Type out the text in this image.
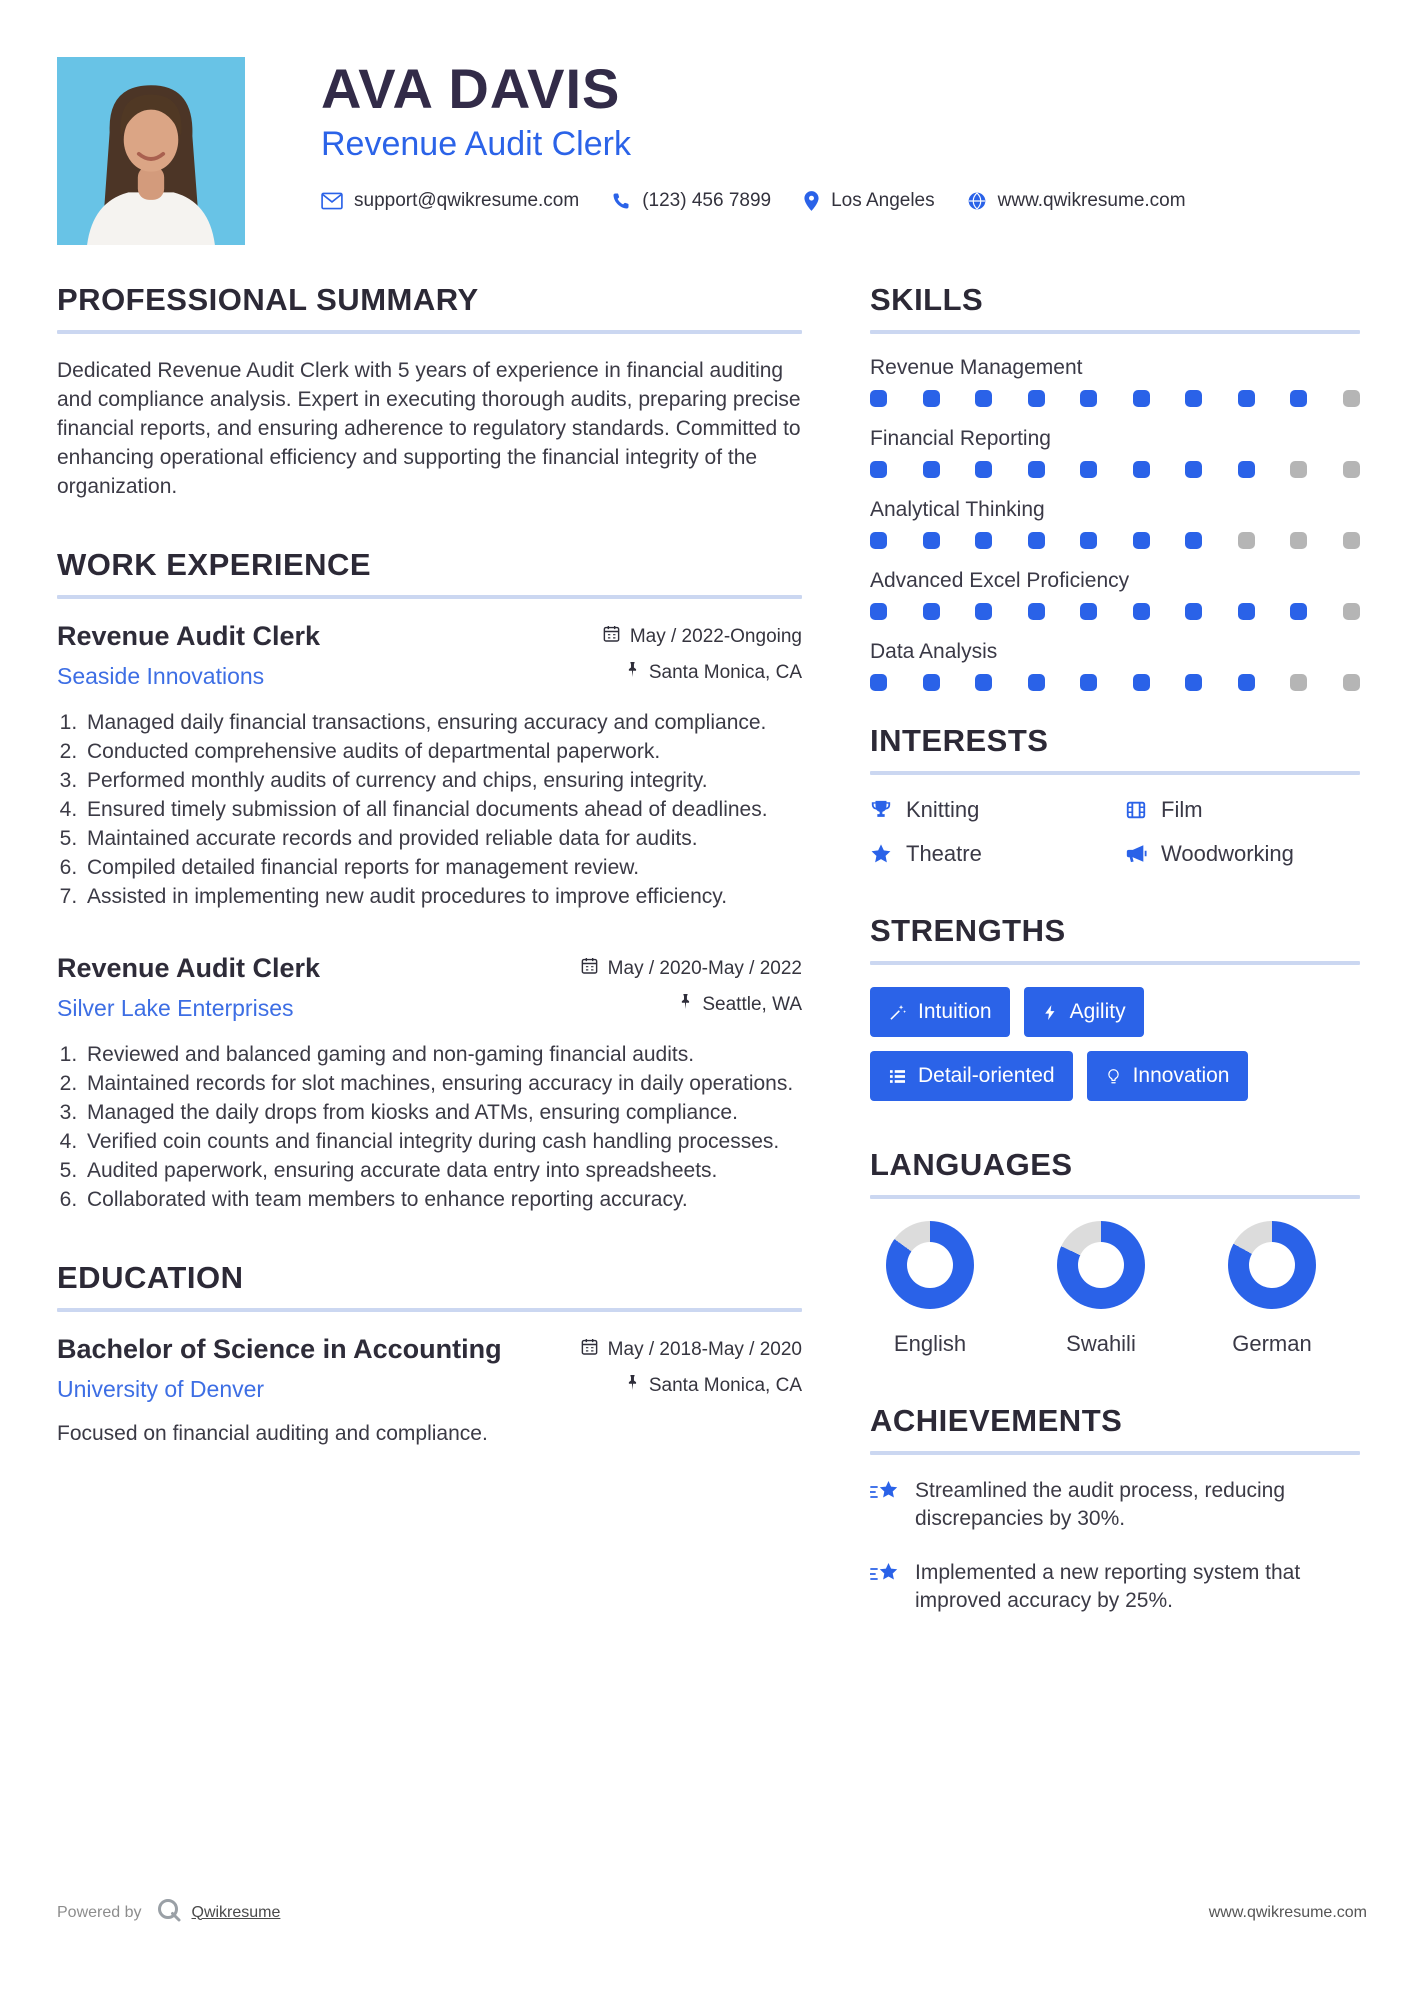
AVA DAVIS
Revenue Audit Clerk
support@qwikresume.com	(123) 456 7899	Los Angeles	www.qwikresume.com
PROFESSIONAL SUMMARY
Dedicated Revenue Audit Clerk with 5 years of experience in financial auditing and compliance analysis. Expert in executing thorough audits, preparing precise financial reports, and ensuring adherence to regulatory standards. Committed to enhancing operational efficiency and supporting the financial integrity of the organization.
WORK EXPERIENCE
Revenue Audit Clerk
Seaside Innovations
May / 2022-Ongoing
Santa Monica, CA
1. Managed daily financial transactions, ensuring accuracy and compliance.
2. Conducted comprehensive audits of departmental paperwork.
3. Performed monthly audits of currency and chips, ensuring integrity.
4. Ensured timely submission of all financial documents ahead of deadlines.
5. Maintained accurate records and provided reliable data for audits.
6. Compiled detailed financial reports for management review.
7. Assisted in implementing new audit procedures to improve efficiency.
Revenue Audit Clerk
Silver Lake Enterprises
May / 2020-May / 2022
Seattle, WA
1. Reviewed and balanced gaming and non-gaming financial audits.
2. Maintained records for slot machines, ensuring accuracy in daily operations.
3. Managed the daily drops from kiosks and ATMs, ensuring compliance.
4. Verified coin counts and financial integrity during cash handling processes.
5. Audited paperwork, ensuring accurate data entry into spreadsheets.
6. Collaborated with team members to enhance reporting accuracy.
EDUCATION
Bachelor of Science in Accounting
University of Denver
May / 2018-May / 2020
Santa Monica, CA
Focused on financial auditing and compliance.
SKILLS
Revenue Management
Financial Reporting
Analytical Thinking
Advanced Excel Proficiency
Data Analysis
INTERESTS
Knitting	Film
Theatre	Woodworking
STRENGTHS
Intuition	Agility
Detail-oriented	Innovation
LANGUAGES
English	Swahili	German
ACHIEVEMENTS
Streamlined the audit process, reducing discrepancies by 30%.
Implemented a new reporting system that improved accuracy by 25%.
Powered by	Qwikresume	www.qwikresume.com
